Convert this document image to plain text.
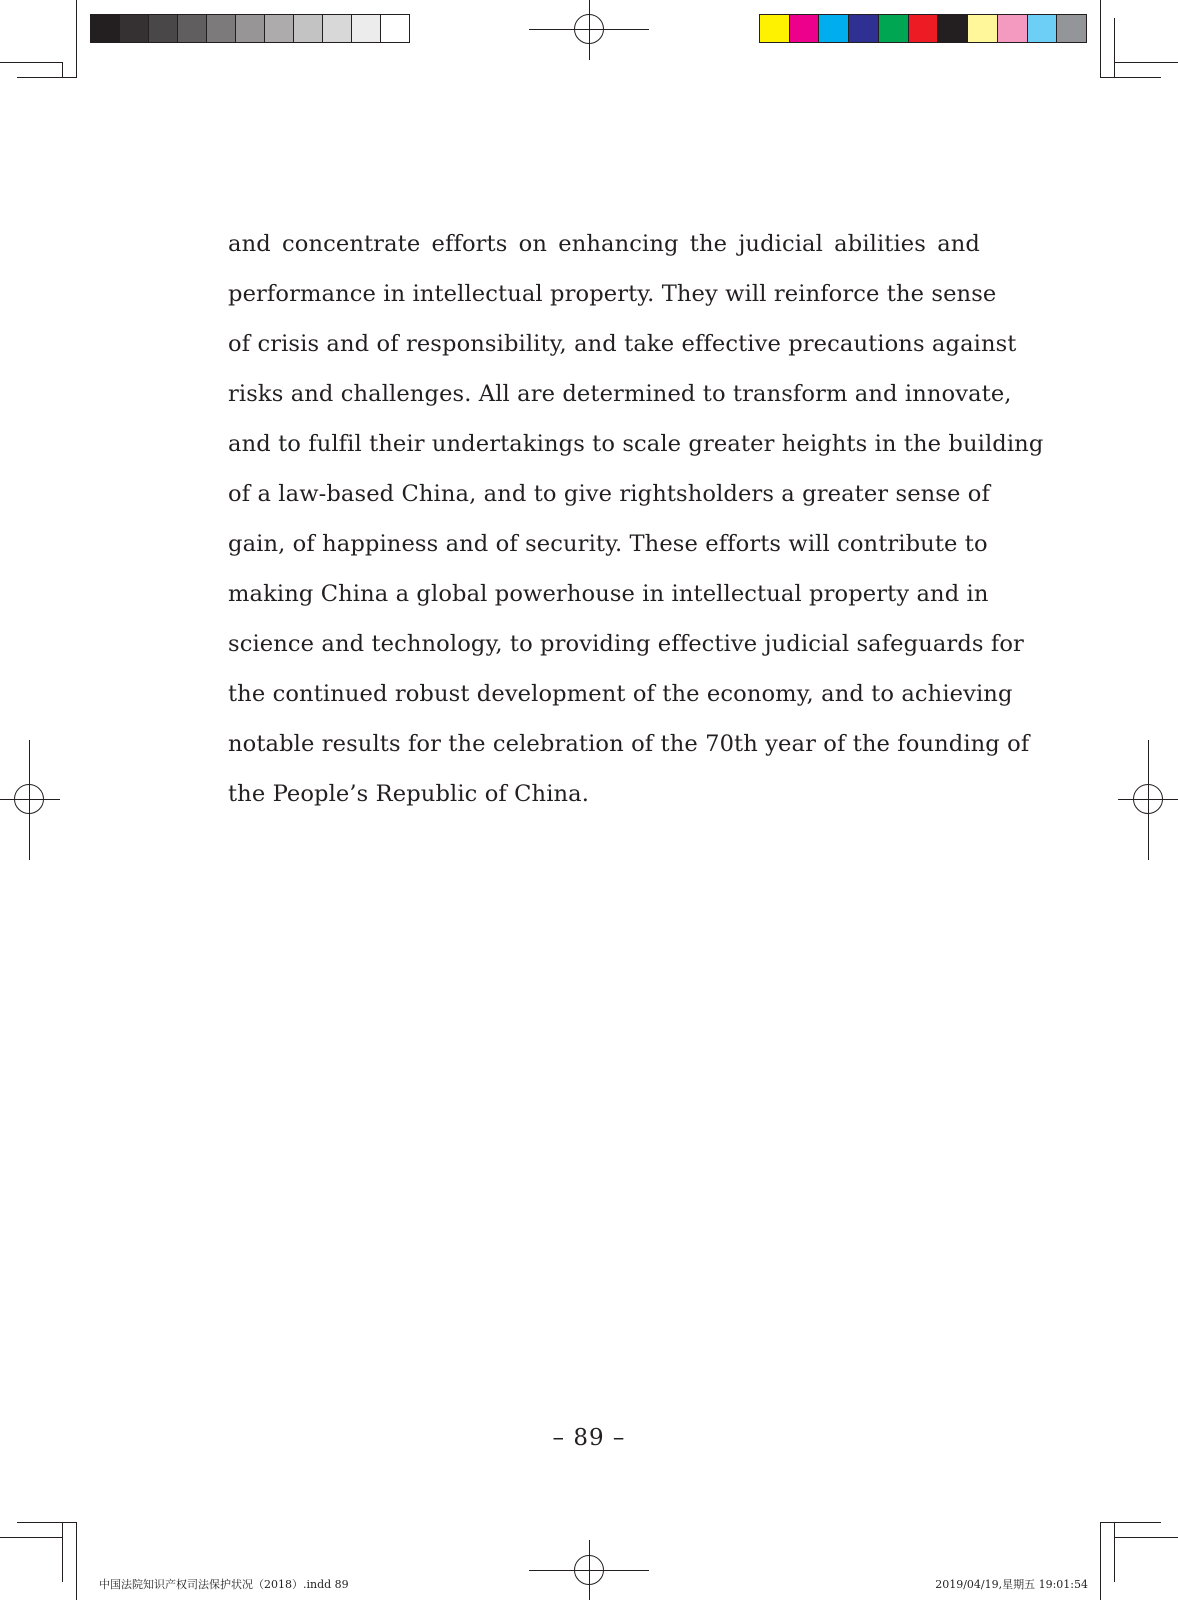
and concentrate efforts on enhancing the judicial abilities and
performance in intellectual property. They will reinforce the sense
of crisis and of responsibility, and take effective precautions against
risks and challenges. All are determined to transform and innovate,
and to fulfil their undertakings to scale greater heights in the building
of a law-based China, and to give rightsholders a greater sense of
gain, of happiness and of security. These efforts will contribute to
making China a global powerhouse in intellectual property and in
science and technology, to providing effective judicial safeguards for
the continued robust development of the economy, and to achieving
notable results for the celebration of the 70th year of the founding of
the People’s Republic of China.
– 89 –
中国法院知识产权司法保护状况（2018）.indd 89	2019/04/19,星期五 19:01:54
